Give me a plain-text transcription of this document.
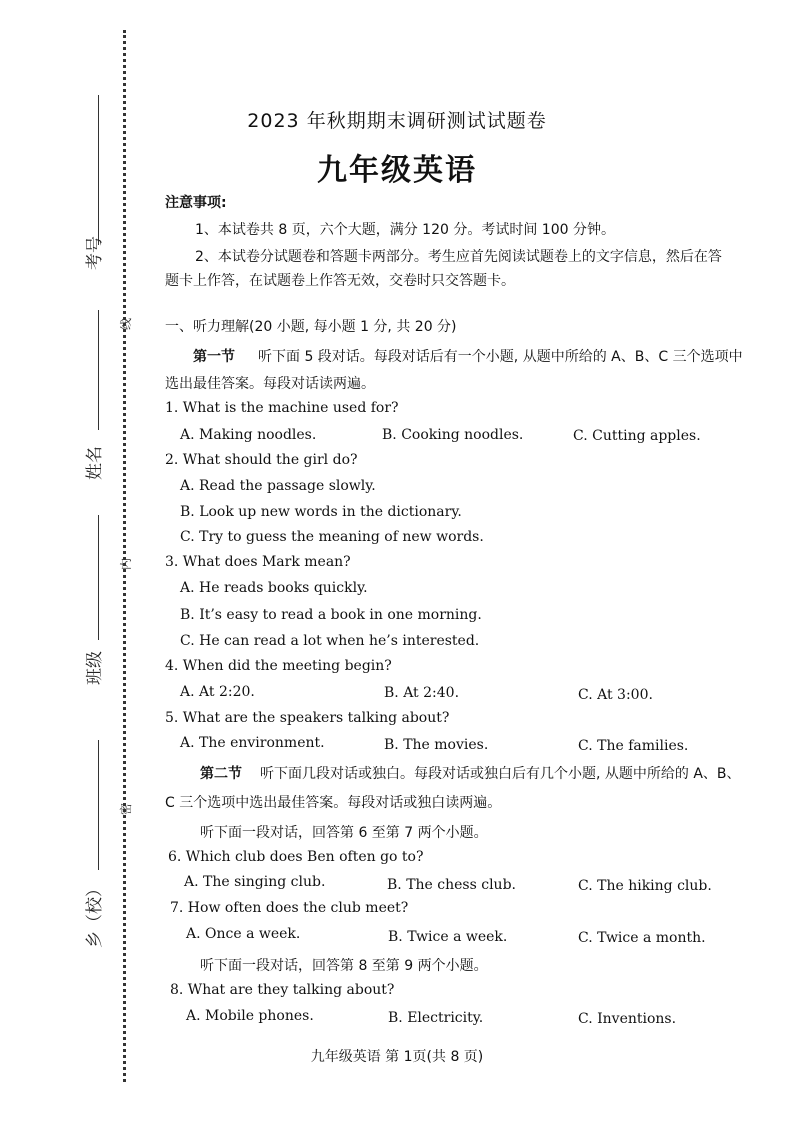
考号
姓名
班级
乡（校）
线
内
密
2023 年秋期期末调研测试试题卷
九年级英语
注意事项:
1、本试卷共 8 页，六个大题，满分 120 分。考试时间 100 分钟。
2、本试卷分试题卷和答题卡两部分。考生应首先阅读试题卷上的文字信息，然后在答
题卡上作答，在试题卷上作答无效，交卷时只交答题卡。
一、听力理解(20 小题, 每小题 1 分, 共 20 分)
第一节 听下面 5 段对话。每段对话后有一个小题, 从题中所给的 A、B、C 三个选项中
选出最佳答案。每段对话读两遍。
1. What is the machine used for?
A. Making noodles.	B. Cooking noodles.	C. Cutting apples.
2. What should the girl do?
A. Read the passage slowly.
B. Look up new words in the dictionary.
C. Try to guess the meaning of new words.
3. What does Mark mean?
A. He reads books quickly.
B. It’s easy to read a book in one morning.
C. He can read a lot when he’s interested.
4. When did the meeting begin?
A. At 2:20.	B. At 2:40.	C. At 3:00.
5. What are the speakers talking about?
A. The environment.	B. The movies.	C. The families.
第二节 听下面几段对话或独白。每段对话或独白后有几个小题, 从题中所给的 A、B、
C 三个选项中选出最佳答案。每段对话或独白读两遍。
听下面一段对话，回答第 6 至第 7 两个小题。
6. Which club does Ben often go to?
A. The singing club.	B. The chess club.	C. The hiking club.
7. How often does the club meet?
A. Once a week.	B. Twice a week.	C. Twice a month.
听下面一段对话，回答第 8 至第 9 两个小题。
8. What are they talking about?
A. Mobile phones.	B. Electricity.	C. Inventions.
九年级英语 第 1页(共 8 页)
